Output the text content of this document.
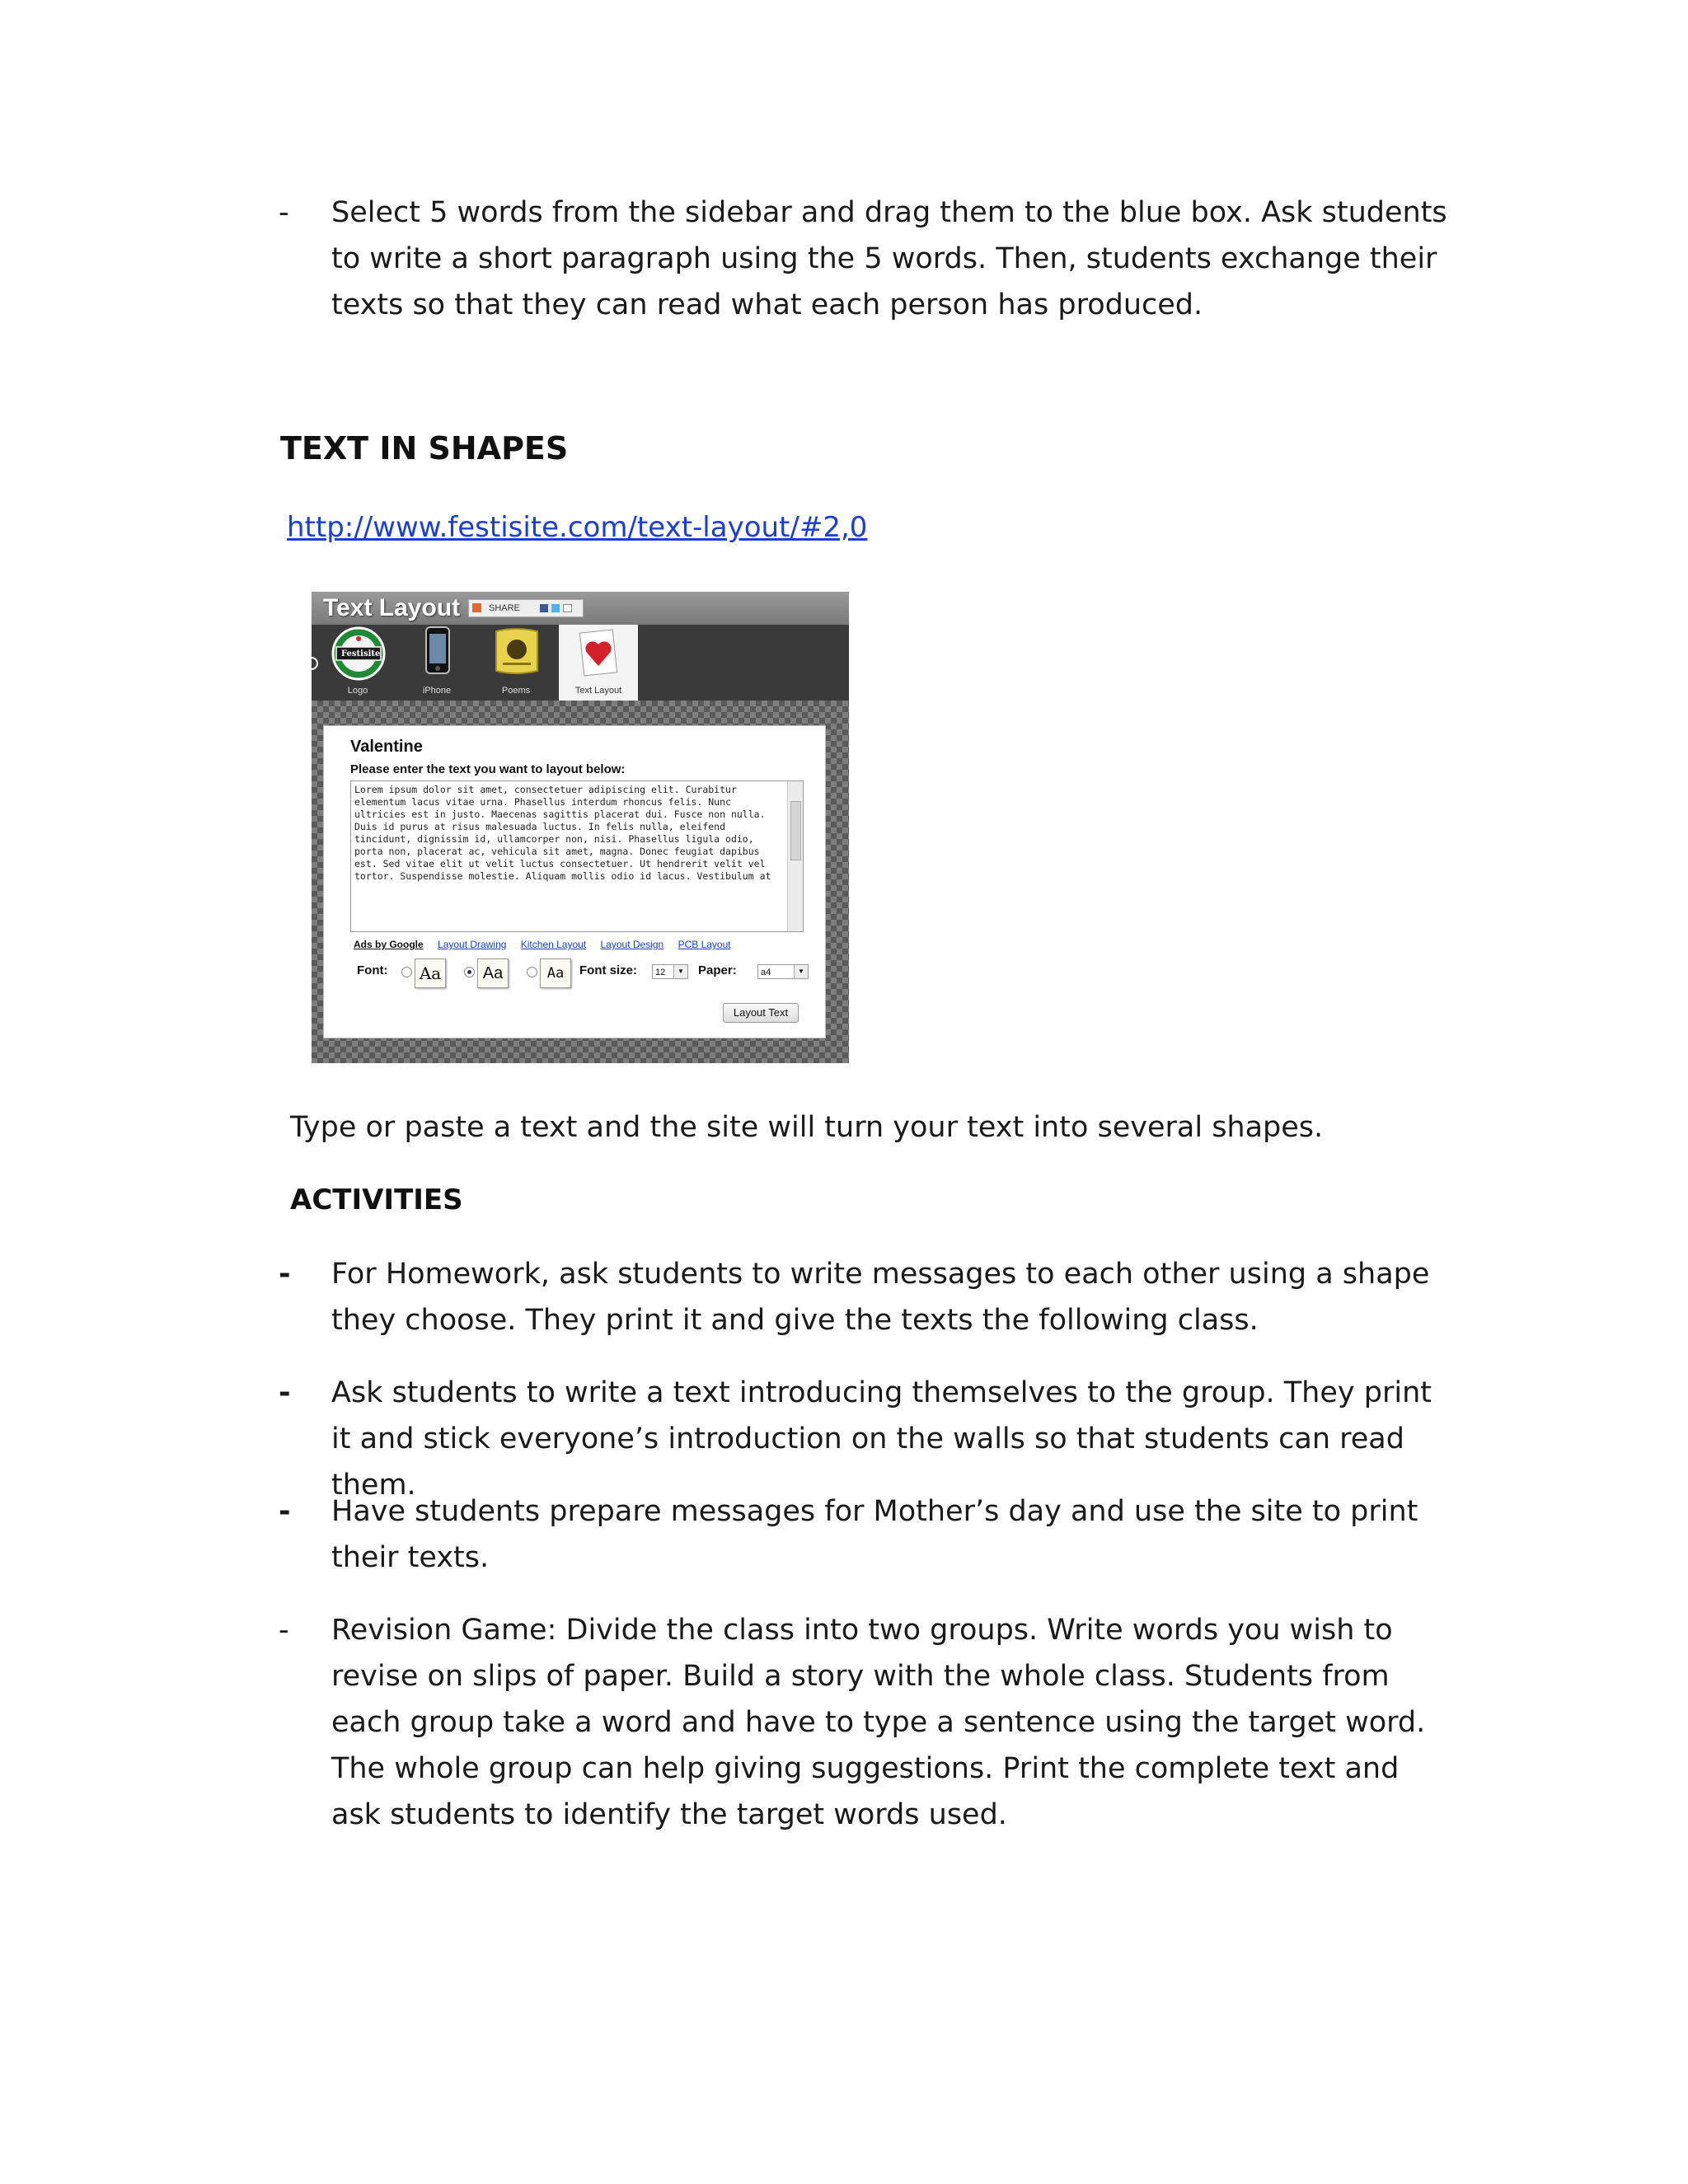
-	Select 5 words from the sidebar and drag them to the blue box. Ask students to write a short paragraph using the 5 words. Then, students exchange their texts so that they can read what each person has produced.
TEXT IN SHAPES
http://www.festisite.com/text-layout/#2,0
Text Layout	SHARE
Festisite
Logo	iPhone	Poems	Text Layout
Valentine
Please enter the text you want to layout below:
Lorem ipsum dolor sit amet, consectetuer adipiscing elit. Curabitur elementum lacus vitae urna. Phasellus interdum rhoncus felis. Nunc ultricies est in justo. Maecenas sagittis placerat dui. Fusce non nulla. Duis id purus at risus malesuada luctus. In felis nulla, eleifend tincidunt, dignissim id, ullamcorper non, nisi. Phasellus ligula odio, porta non, placerat ac, vehicula sit amet, magna. Donec feugiat dapibus est. Sed vitae elit ut velit luctus consectetuer. Ut hendrerit velit vel tortor. Suspendisse molestie. Aliquam mollis odio id lacus. Vestibulum at
Ads by Google Layout Drawing Kitchen Layout Layout Design PCB Layout
Font: Aa	Aa	Aa	Font size:	12	▼ Paper:	a4	▼
Layout Text
Type or paste a text and the site will turn your text into several shapes.
ACTIVITIES
-	For Homework, ask students to write messages to each other using a shape they choose. They print it and give the texts the following class.
-	Ask students to write a text introducing themselves to the group. They print it and stick everyone’s introduction on the walls so that students can read them.
-	Have students prepare messages for Mother’s day and use the site to print their texts.
-	Revision Game: Divide the class into two groups. Write words you wish to revise on slips of paper. Build a story with the whole class. Students from each group take a word and have to type a sentence using the target word. The whole group can help giving suggestions. Print the complete text and ask students to identify the target words used.
